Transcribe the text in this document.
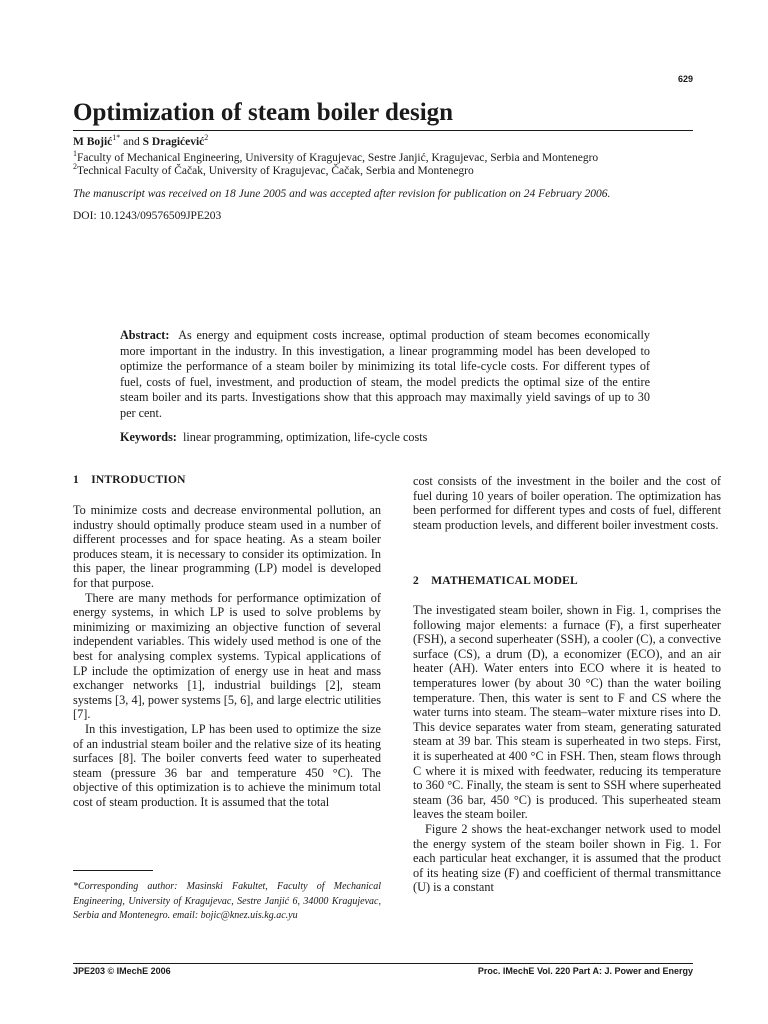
629
Optimization of steam boiler design
M Bojić$^{1*}$ and S Dragićević$^2$
$^1$Faculty of Mechanical Engineering, University of Kragujevac, Sestre Janjić, Kragujevac, Serbia and Montenegro
$^2$Technical Faculty of Čačak, University of Kragujevac, Čačak, Serbia and Montenegro
The manuscript was received on 18 June 2005 and was accepted after revision for publication on 24 February 2006.
DOI: 10.1243/09576509JPE203

Abstract: As energy and equipment costs increase, optimal production of steam becomes economically more important in the industry. In this investigation, a linear programming model has been developed to optimize the performance of a steam boiler by minimizing its total life-cycle costs. For different types of fuel, costs of fuel, investment, and production of steam, the model predicts the optimal size of the entire steam boiler and its parts. Investigations show that this approach may maximally yield savings of up to 30 per cent.

Keywords: linear programming, optimization, life-cycle costs
1    INTRODUCTION

To minimize costs and decrease environmental pollution, an industry should optimally produce steam used in a number of different processes and for space heating. As a steam boiler produces steam, it is necessary to consider its optimization. In this paper, the linear programming (LP) model is developed for that purpose.

There are many methods for performance optimization of energy systems, in which LP is used to solve problems by minimizing or maximizing an objective function of several independent variables. This widely used method is one of the best for analysing complex systems. Typical applications of LP include the optimization of energy use in heat and mass exchanger networks [1], industrial buildings [2], steam systems [3, 4], power systems [5, 6], and large electric utilities [7].

In this investigation, LP has been used to optimize the size of an industrial steam boiler and the relative size of its heating surfaces [8]. The boiler converts feed water to superheated steam (pressure 36 bar and temperature 450 °C). The objective of this optimization is to achieve the minimum total cost of steam production. It is assumed that the total

*Corresponding author: Masinski Fakultet, Faculty of Mechanical Engineering, University of Kragujevac, Sestre Janjić 6, 34000 Kragujevac, Serbia and Montenegro. email: bojic@knez.uis.kg.ac.yu

cost consists of the investment in the boiler and the cost of fuel during 10 years of boiler operation. The optimization has been performed for different types and costs of fuel, different steam production levels, and different boiler investment costs.

2    MATHEMATICAL MODEL

The investigated steam boiler, shown in Fig. 1, comprises the following major elements: a furnace (F), a first superheater (FSH), a second superheater (SSH), a cooler (C), a convective surface (CS), a drum (D), a economizer (ECO), and an air heater (AH). Water enters into ECO where it is heated to temperatures lower (by about 30 °C) than the water boiling temperature. Then, this water is sent to F and CS where the water turns into steam. The steam–water mixture rises into D. This device separates water from steam, generating saturated steam at 39 bar. This steam is superheated in two steps. First, it is superheated at 400 °C in FSH. Then, steam flows through C where it is mixed with feedwater, reducing its temperature to 360 °C. Finally, the steam is sent to SSH where superheated steam (36 bar, 450 °C) is produced. This superheated steam leaves the steam boiler.

Figure 2 shows the heat-exchanger network used to model the energy system of the steam boiler shown in Fig. 1. For each particular heat exchanger, it is assumed that the product of its heating size (F) and coefficient of thermal transmittance (U) is a constant

JPE203 © IMechE 2006	Proc. IMechE Vol. 220 Part A: J. Power and Energy
